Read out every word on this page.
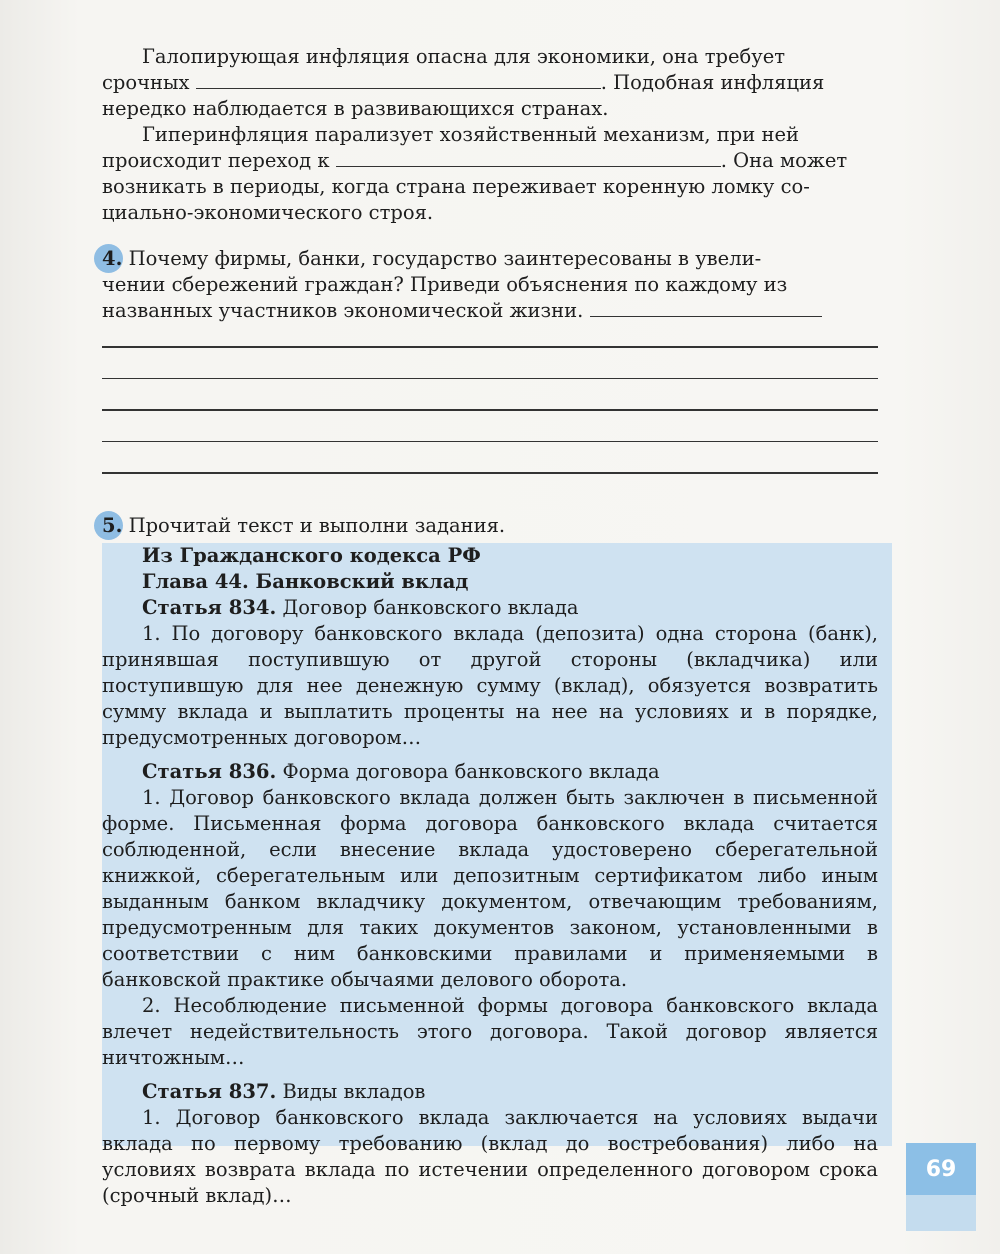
Галопирующая инфляция опасна для экономики, она требует

срочных	. Подобная инфляция

нередко наблюдается в развивающихся странах.

Гиперинфляция парализует хозяйственный механизм, при ней

происходит переход к	. Она может

возникать в периоды, когда страна переживает коренную ломку со-

циально-экономического строя.

4. Почему фирмы, банки, государство заинтересованы в увели-

чении сбережений граждан? Приведи объяснения по каждому из

названных участников экономической жизни.

5. Прочитай текст и выполни задания.
Из Гражданского кодекса РФ
Глава 44. Банковский вклад
Статья 834. Договор банковского вклада

1. По договору банковского вклада (депозита) одна сторона (банк), принявшая поступившую от другой стороны (вкладчика) или поступившую для нее денежную сумму (вклад), обязуется возвратить сумму вклада и выплатить проценты на нее на условиях и в порядке, предусмотренных договором…

Статья 836. Форма договора банковского вклада

1. Договор банковского вклада должен быть заключен в письменной форме. Письменная форма договора банковского вклада считается соблюденной, если внесение вклада удостоверено сберегательной книжкой, сберегательным или депозитным сертификатом либо иным выданным банком вкладчику документом, отвечающим требованиям, предусмотренным для таких документов законом, установленными в соответствии с ним банковскими правилами и применяемыми в банковской практике обычаями делового оборота.

2. Несоблюдение письменной формы договора банковского вклада влечет недействительность этого договора. Такой договор является ничтожным…

Статья 837. Виды вкладов

1. Договор банковского вклада заключается на условиях выдачи вклада по первому требованию (вклад до востребования) либо на условиях возврата вклада по истечении определенного договором срока (срочный вклад)…

69
